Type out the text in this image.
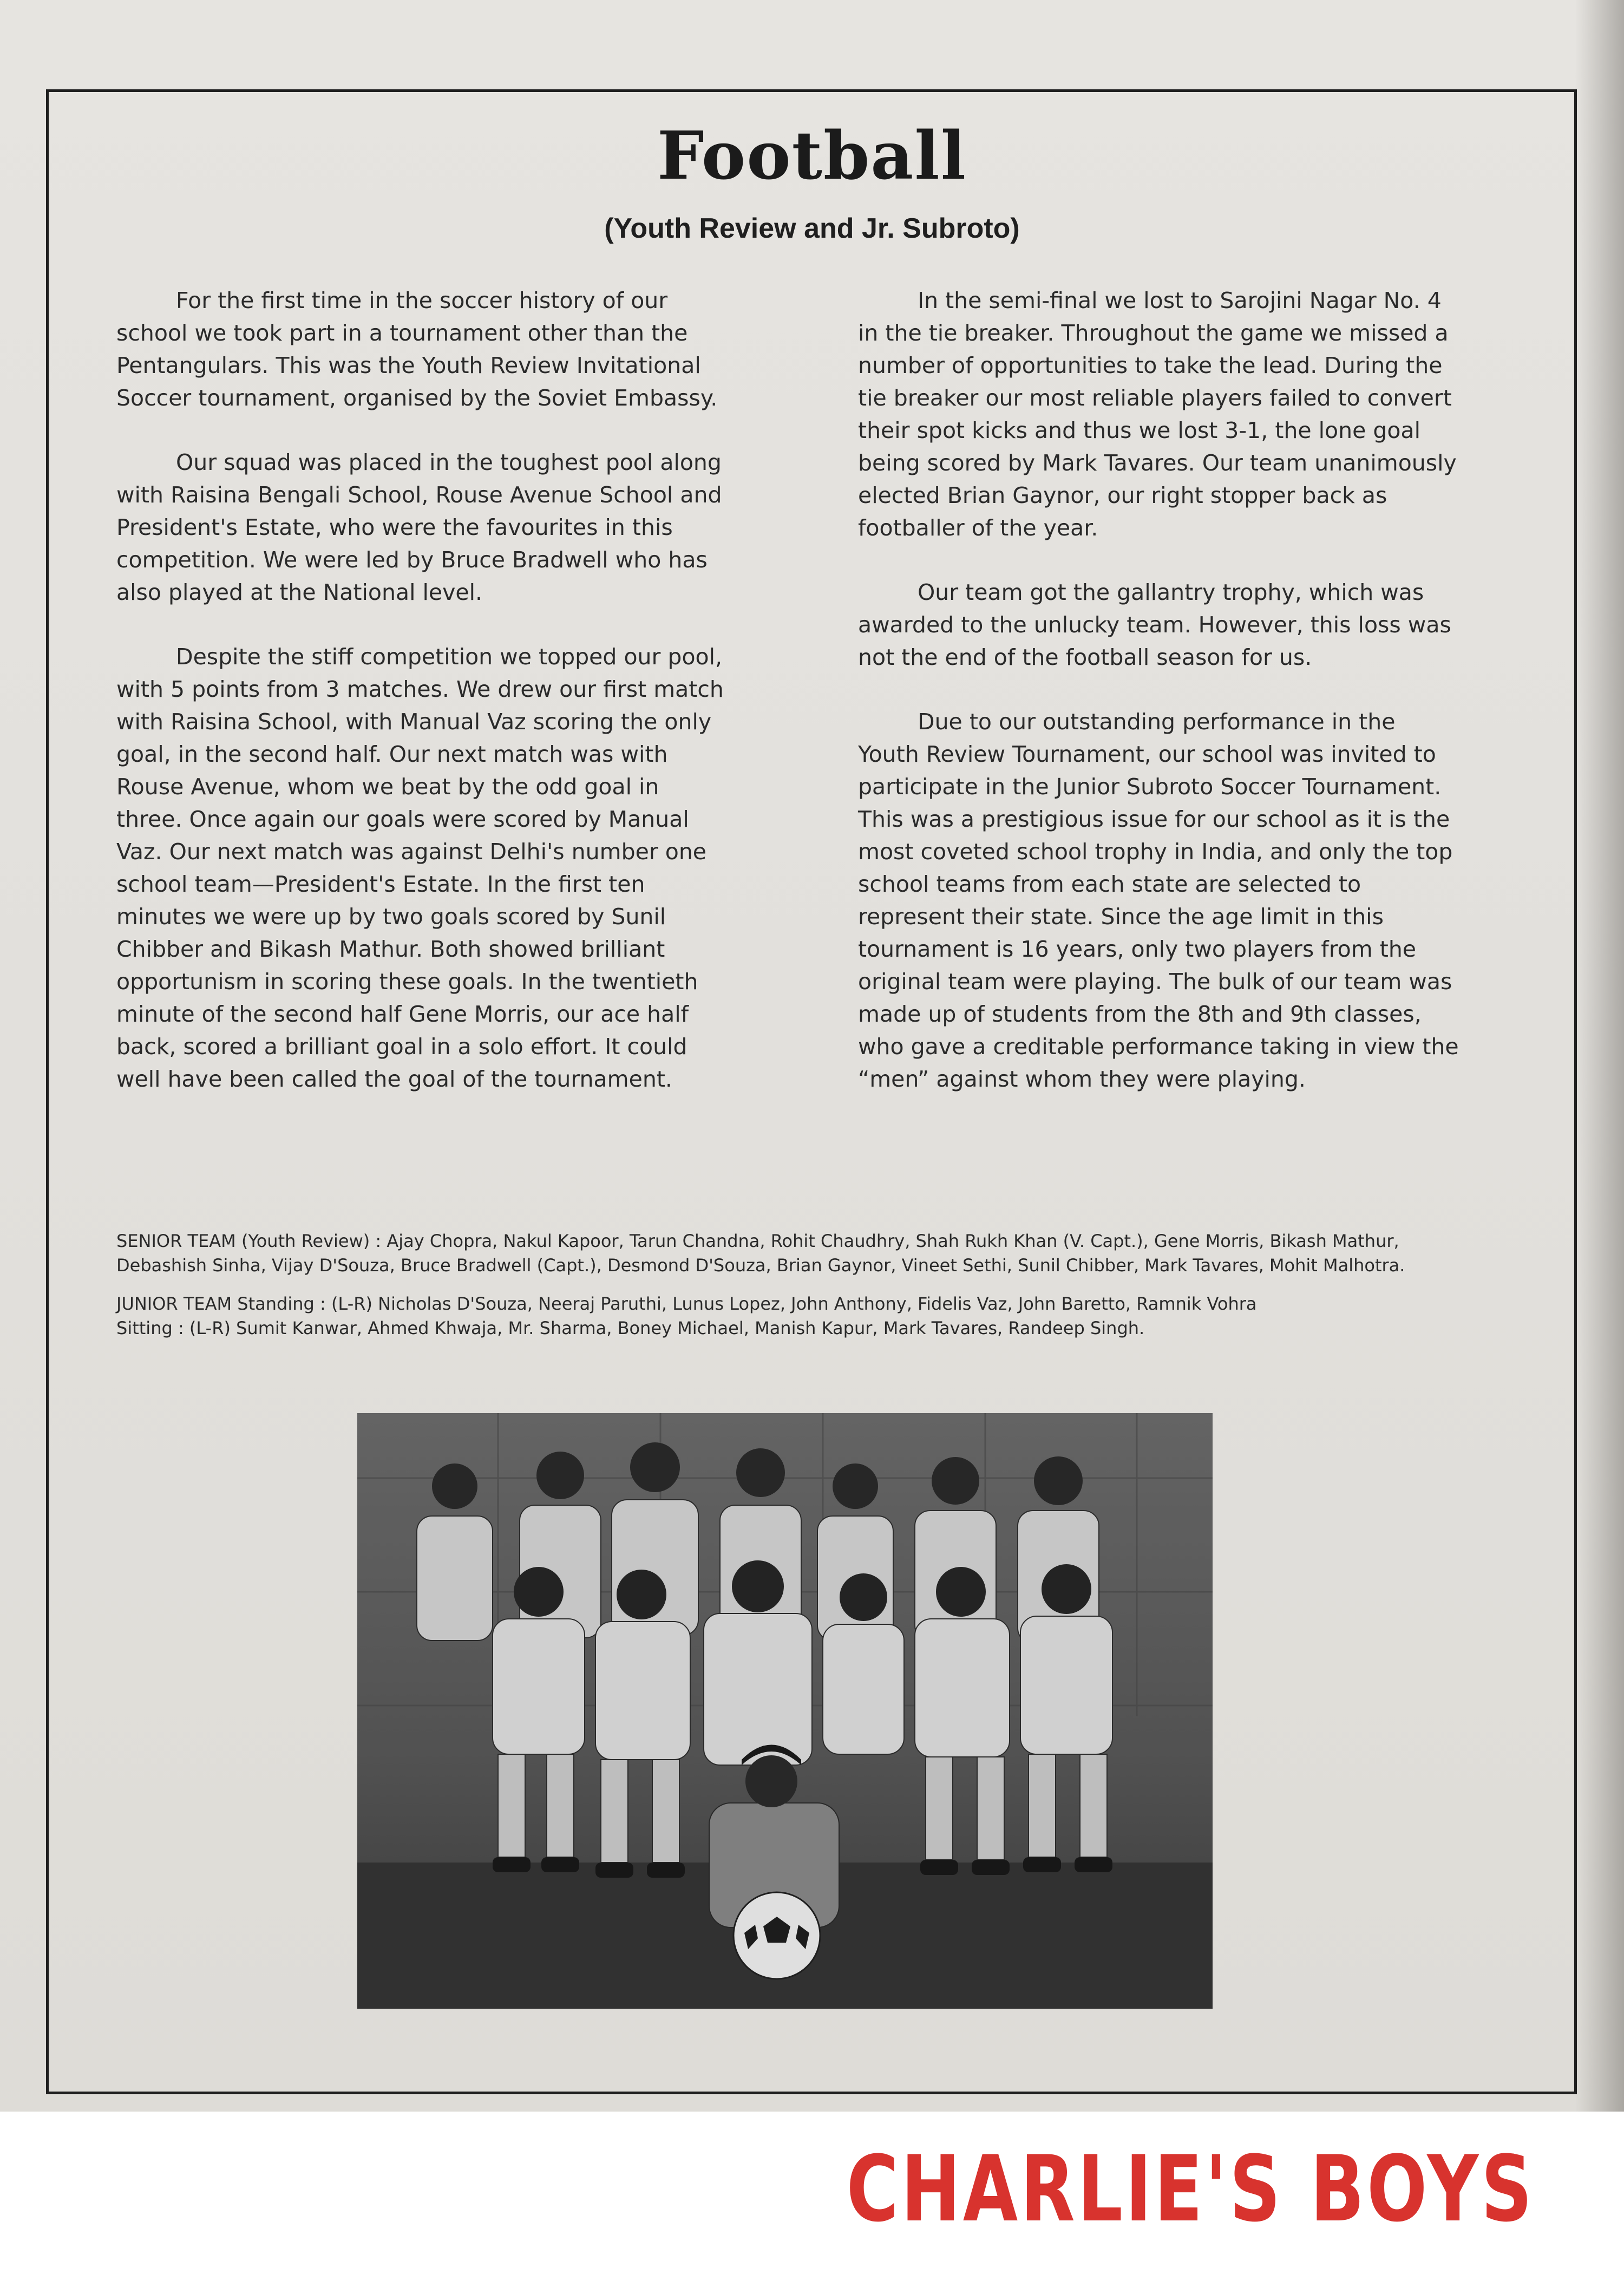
Football
(Youth Review and Jr. Subroto)

For the first time in the soccer history of our school we took part in a tournament other than the Pentangulars. This was the Youth Review Invitational Soccer tournament, organised by the Soviet Embassy.

Our squad was placed in the toughest pool along with Raisina Bengali School, Rouse Avenue School and President's Estate, who were the favourites in this competition. We were led by Bruce Bradwell who has also played at the National level.

Despite the stiff competition we topped our pool, with 5 points from 3 matches. We drew our first match with Raisina School, with Manual Vaz scoring the only goal, in the second half. Our next match was with Rouse Avenue, whom we beat by the odd goal in three. Once again our goals were scored by Manual Vaz. Our next match was against Delhi's number one school team—President's Estate. In the first ten minutes we were up by two goals scored by Sunil Chibber and Bikash Mathur. Both showed brilliant opportunism in scoring these goals. In the twentieth minute of the second half Gene Morris, our ace half back, scored a brilliant goal in a solo effort. It could well have been called the goal of the tournament.

In the semi-final we lost to Sarojini Nagar No. 4 in the tie breaker. Throughout the game we missed a number of opportunities to take the lead. During the tie breaker our most reliable players failed to convert their spot kicks and thus we lost 3-1, the lone goal being scored by Mark Tavares. Our team unanimously elected Brian Gaynor, our right stopper back as footballer of the year.

Our team got the gallantry trophy, which was awarded to the unlucky team. However, this loss was not the end of the football season for us.

Due to our outstanding performance in the Youth Review Tournament, our school was invited to participate in the Junior Subroto Soccer Tournament. This was a prestigious issue for our school as it is the most coveted school trophy in India, and only the top school teams from each state are selected to represent their state. Since the age limit in this tournament is 16 years, only two players from the original team were playing. The bulk of our team was made up of students from the 8th and 9th classes, who gave a creditable performance taking in view the “men” against whom they were playing.

SENIOR TEAM (Youth Review) : Ajay Chopra, Nakul Kapoor, Tarun Chandna, Rohit Chaudhry, Shah Rukh Khan (V. Capt.), Gene Morris, Bikash Mathur, Debashish Sinha, Vijay D'Souza, Bruce Bradwell (Capt.), Desmond D'Souza, Brian Gaynor, Vineet Sethi, Sunil Chibber, Mark Tavares, Mohit Malhotra.

JUNIOR TEAM Standing : (L-R) Nicholas D'Souza, Neeraj Paruthi, Lunus Lopez, John Anthony, Fidelis Vaz, John Baretto, Ramnik Vohra
Sitting : (L-R) Sumit Kanwar, Ahmed Khwaja, Mr. Sharma, Boney Michael, Manish Kapur, Mark Tavares, Randeep Singh.
CHARLIE'S BOYS
